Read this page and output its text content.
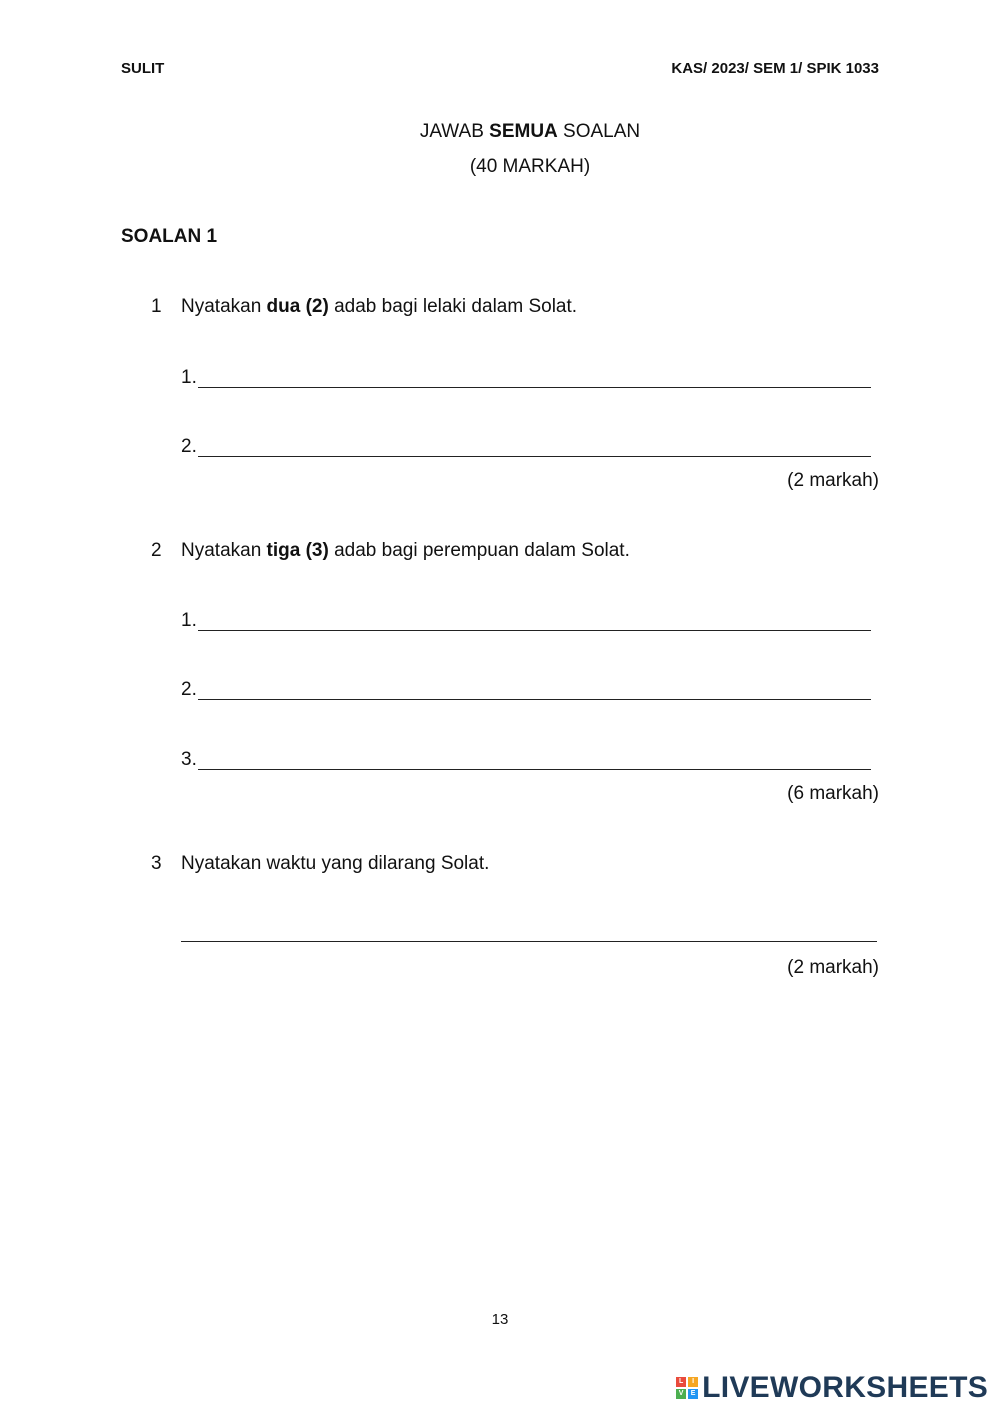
SULIT	KAS/ 2023/ SEM 1/ SPIK 1033
JAWAB SEMUA SOALAN
(40 MARKAH)
SOALAN 1
1 Nyatakan dua (2) adab bagi lelaki dalam Solat.
1.
2.
(2 markah)
2 Nyatakan tiga (3) adab bagi perempuan dalam Solat.
1.
2.
3.
(6 markah)
3 Nyatakan waktu yang dilarang Solat.
(2 markah)
13
L	I
V	E LIVEWORKSHEETS
